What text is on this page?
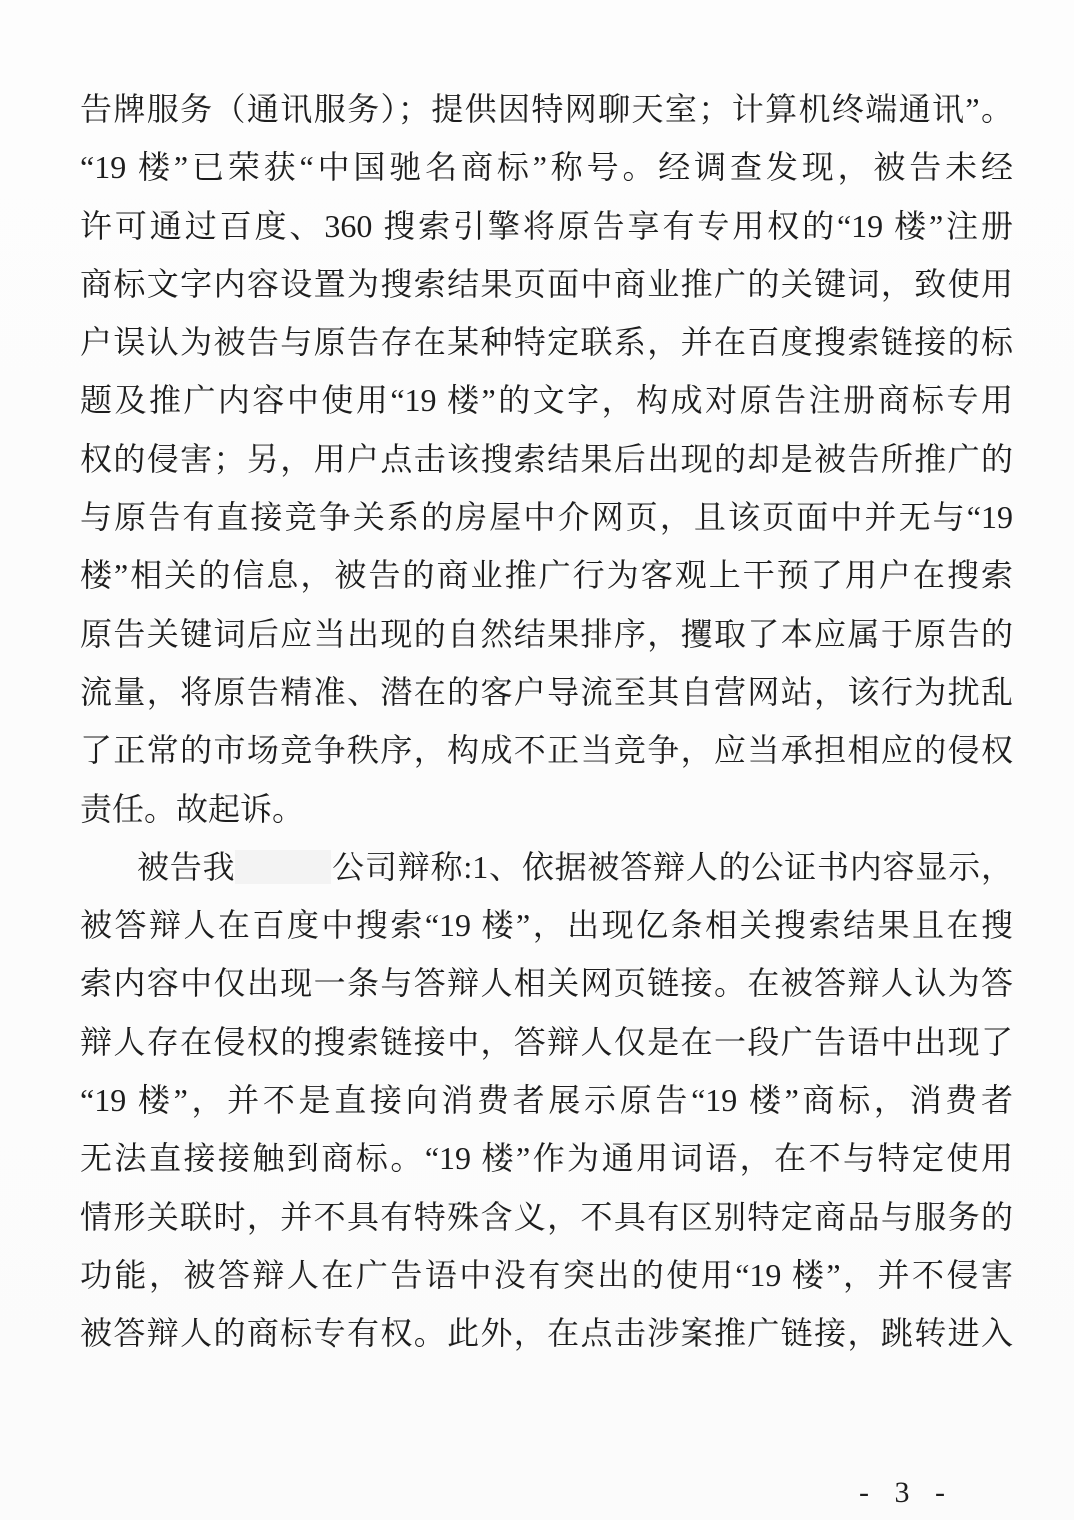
告牌服务（通讯服务）；提供因特网聊天室；计算机终端通讯”。
“19 楼”已荣获“中国驰名商标”称号。经调查发现，被告未经
许可通过百度、360 搜索引擎将原告享有专用权的“19 楼”注册
商标文字内容设置为搜索结果页面中商业推广的关键词，致使用
户误认为被告与原告存在某种特定联系，并在百度搜索链接的标
题及推广内容中使用“19 楼”的文字，构成对原告注册商标专用
权的侵害；另，用户点击该搜索结果后出现的却是被告所推广的
与原告有直接竞争关系的房屋中介网页，且该页面中并无与“19
楼”相关的信息，被告的商业推广行为客观上干预了用户在搜索
原告关键词后应当出现的自然结果排序，攫取了本应属于原告的
流量，将原告精准、潜在的客户导流至其自营网站，该行为扰乱
了正常的市场竞争秩序，构成不正当竞争，应当承担相应的侵权
责任。故起诉。
被告我	公司辩称:1、依据被答辩人的公证书内容显示，
被答辩人在百度中搜索“19 楼”，出现亿条相关搜索结果且在搜
索内容中仅出现一条与答辩人相关网页链接。在被答辩人认为答
辩人存在侵权的搜索链接中，答辩人仅是在一段广告语中出现了
“19 楼”，并不是直接向消费者展示原告“19 楼”商标，消费者
无法直接接触到商标。“19 楼”作为通用词语，在不与特定使用
情形关联时，并不具有特殊含义，不具有区别特定商品与服务的
功能，被答辩人在广告语中没有突出的使用“19 楼”，并不侵害
被答辩人的商标专有权。此外，在点击涉案推广链接，跳转进入
- 3 -
